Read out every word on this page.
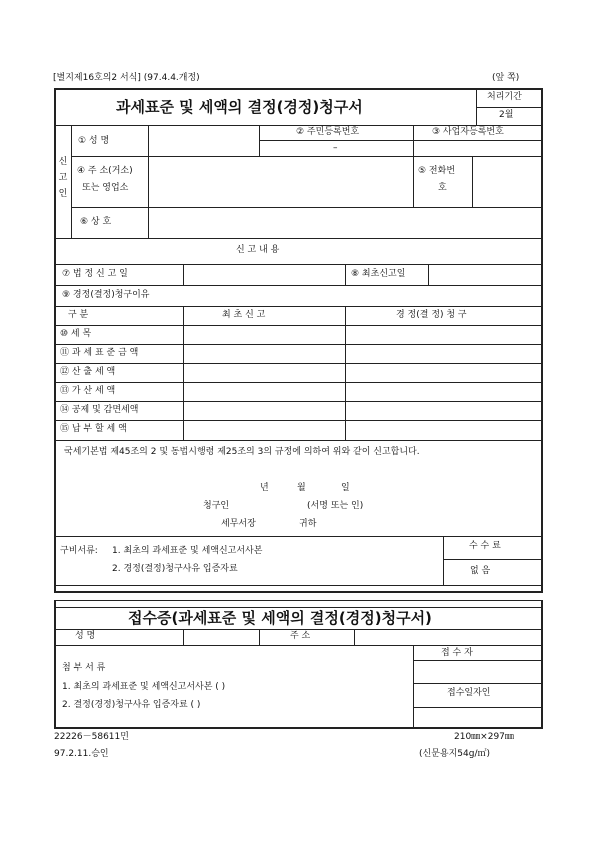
[별지제16호의2 서식] (97.4.4.개정)	(앞 쪽)
과세표준 및 세액의 결정(경정)청구서
처리기간
2월
신 고 인
① 성 명
② 주민등록번호
–
③ 사업자등록번호
④ 주 소(거소)
또는 영업소
⑤ 전화번
호
⑥ 상 호
신 고 내 용
⑦ 법 정 신 고 일	⑧ 최초신고일
⑨ 경정(결정)청구이유
구 분	최 초 신 고	경 정(결 정) 청 구
⑩ 세 목
⑪ 과 세 표 준 금 액
⑫ 산 출 세 액
⑬ 가 산 세 액
⑭ 공제 및 감면세액
⑮ 납 부 할 세 액
국세기본법 제45조의 2 및 동법시행령 제25조의 3의 규정에 의하여 위와 같이 신고합니다.
년	월	일
청구인	(서명 또는 인)
세무서장	귀하
구비서류: 1. 최초의 과세표준 및 세액신고서사본
2. 경정(결정)청구사유 입증자료
수 수 료
없 음
접수증(과세표준 및 세액의 결정(경정)청구서)
성 명	주 소
첨 부 서 류
1. 최초의 과세표준 및 세액신고서사본 ( )
2. 결정(경정)청구사유 입증자료 ( )
접 수 자
접수일자인
22226－58611민
97.2.11.승인
210㎜×297㎜
(신문용지54g/㎡)
